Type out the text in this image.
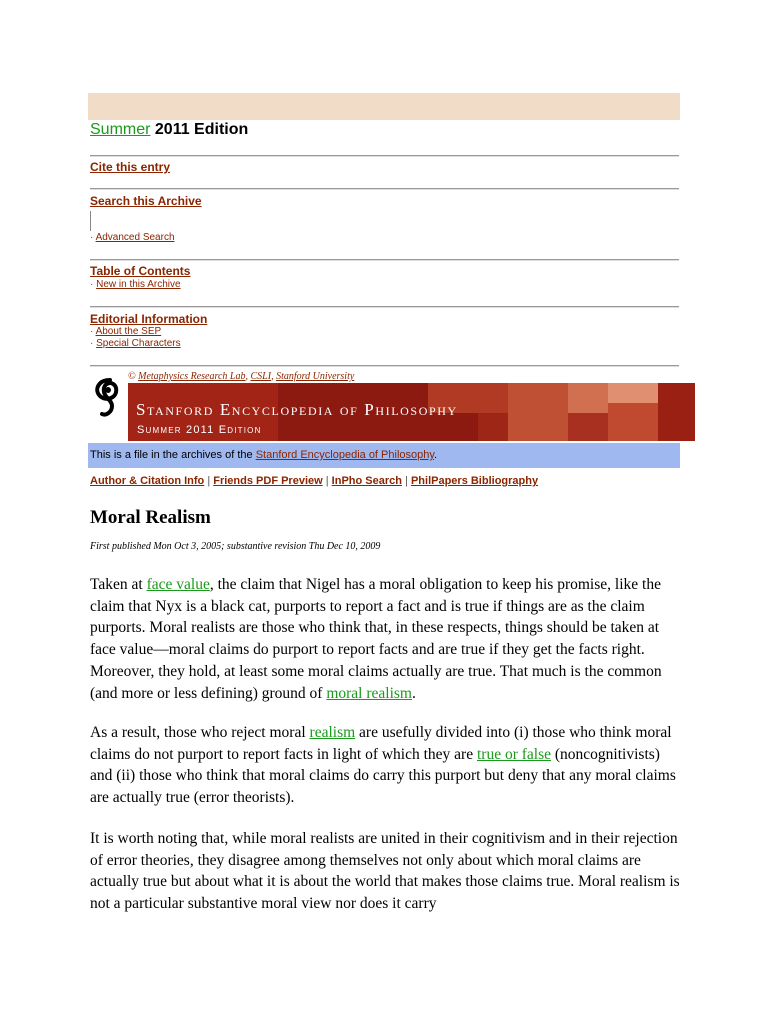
Summer 2011 Edition
Cite this entry
Search this Archive
· Advanced Search
Table of Contents
· New in this Archive
Editorial Information
· About the SEP
· Special Characters
© Metaphysics Research Lab, CSLI, Stanford University
Stanford Encyclopedia of Philosophy
Summer 2011 Edition
This is a file in the archives of the Stanford Encyclopedia of Philosophy.
Author & Citation Info | Friends PDF Preview | InPho Search | PhilPapers Bibliography
Moral Realism
First published Mon Oct 3, 2005; substantive revision Thu Dec 10, 2009
Taken at face value, the claim that Nigel has a moral obligation to keep his promise, like the claim that Nyx is a black cat, purports to report a fact and is true if things are as the claim purports. Moral realists are those who think that, in these respects, things should be taken at face value—moral claims do purport to report facts and are true if they get the facts right. Moreover, they hold, at least some moral claims actually are true. That much is the common (and more or less defining) ground of moral realism.
As a result, those who reject moral realism are usefully divided into (i) those who think moral claims do not purport to report facts in light of which they are true or false (noncognitivists) and (ii) those who think that moral claims do carry this purport but deny that any moral claims are actually true (error theorists).
It is worth noting that, while moral realists are united in their cognitivism and in their rejection of error theories, they disagree among themselves not only about which moral claims are actually true but about what it is about the world that makes those claims true. Moral realism is not a particular substantive moral view nor does it carry
